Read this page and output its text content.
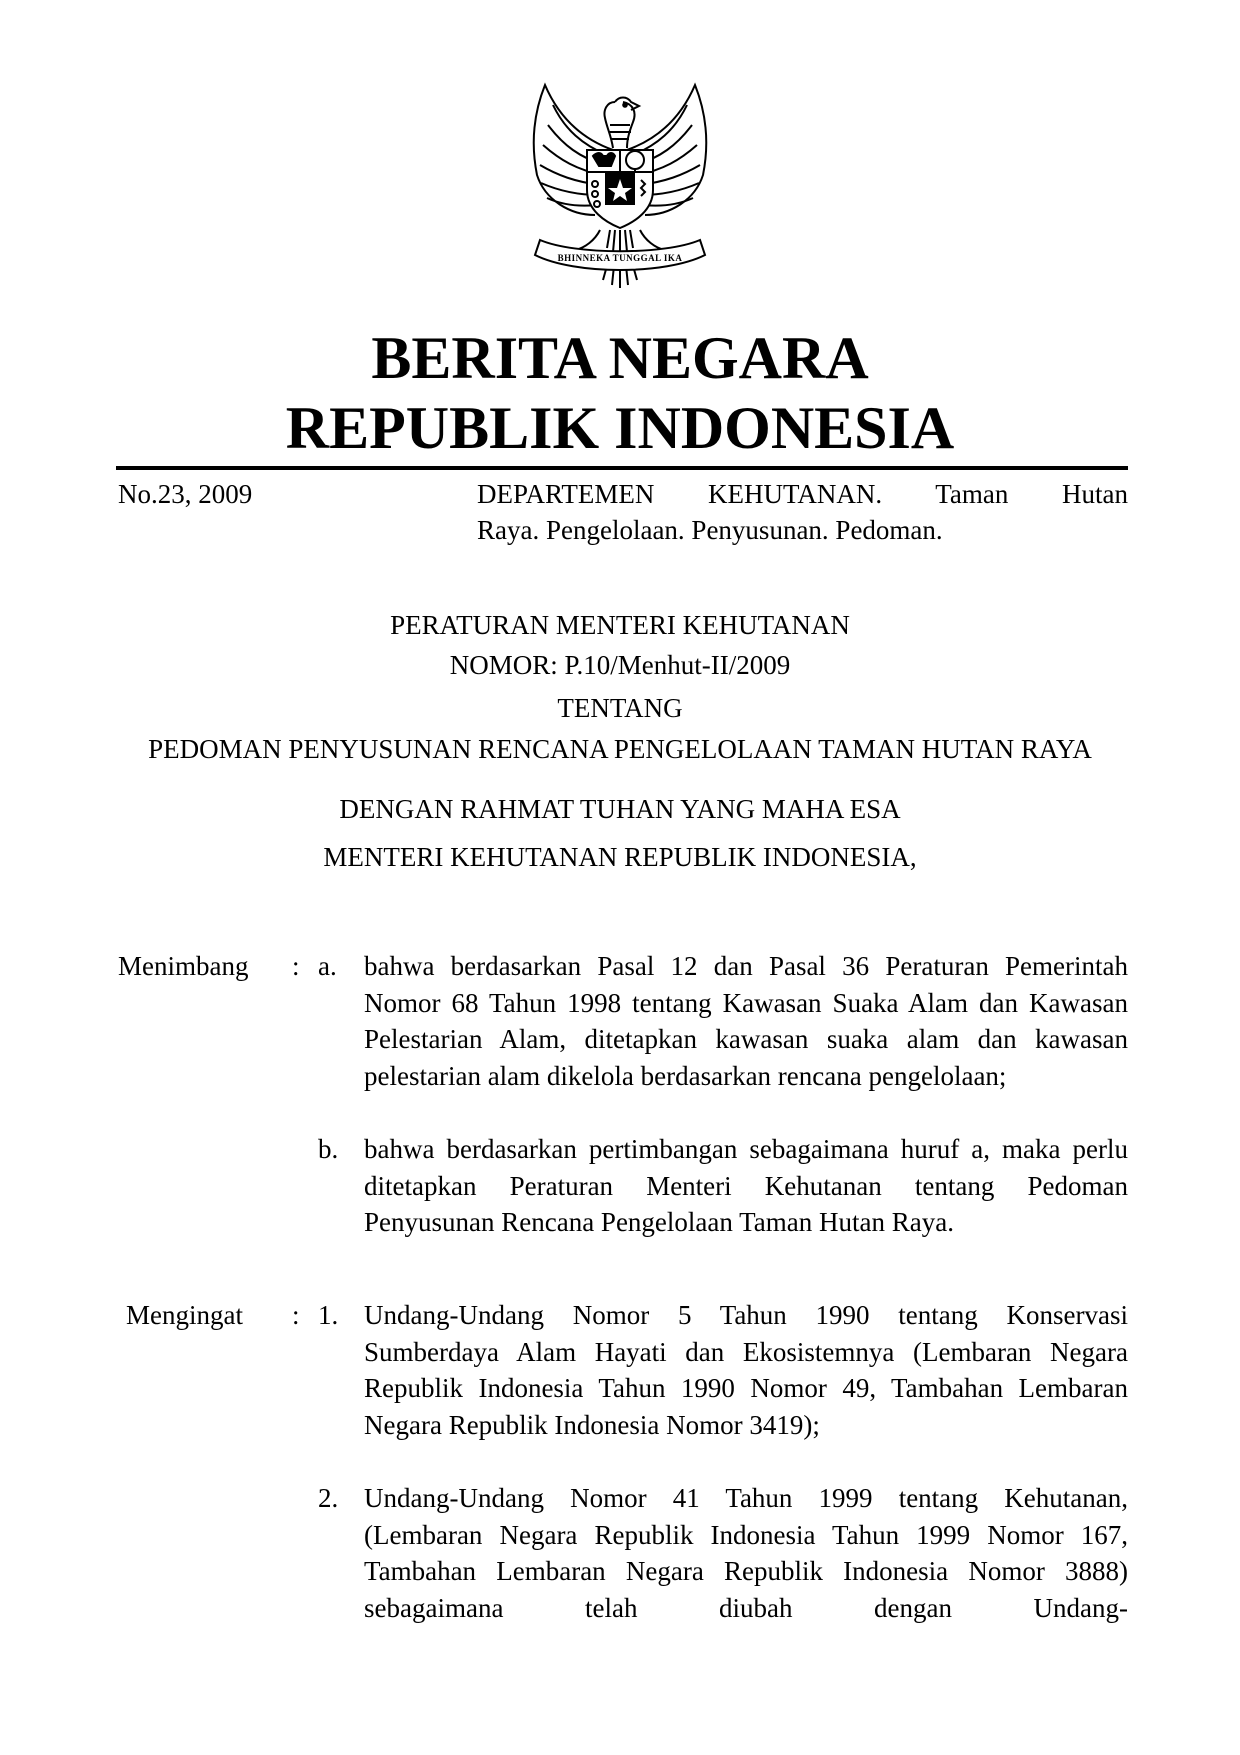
BHINNEKA TUNGGAL IKA
BERITA NEGARA
REPUBLIK INDONESIA
No.23, 2009	DEPARTEMEN KEHUTANAN. Taman Hutan
Raya. Pengelolaan. Penyusunan. Pedoman.
PERATURAN MENTERI KEHUTANAN
NOMOR: P.10/Menhut-II/2009
TENTANG
PEDOMAN PENYUSUNAN RENCANA PENGELOLAAN TAMAN HUTAN RAYA
DENGAN RAHMAT TUHAN YANG MAHA ESA
MENTERI KEHUTANAN REPUBLIK INDONESIA,
Menimbang : a. bahwa berdasarkan Pasal 12 dan Pasal 36 Peraturan Pemerintah Nomor 68 Tahun 1998 tentang Kawasan Suaka Alam dan Kawasan Pelestarian Alam, ditetapkan kawasan suaka alam dan kawasan pelestarian alam dikelola berdasarkan rencana pengelolaan;
b. bahwa berdasarkan pertimbangan sebagaimana huruf a, maka perlu ditetapkan Peraturan Menteri Kehutanan tentang Pedoman Penyusunan Rencana Pengelolaan Taman Hutan Raya.
Mengingat : 1. Undang-Undang Nomor 5 Tahun 1990 tentang Konservasi Sumberdaya Alam Hayati dan Ekosistemnya (Lembaran Negara Republik Indonesia Tahun 1990 Nomor 49, Tambahan Lembaran Negara Republik Indonesia Nomor 3419);
2. Undang-Undang Nomor 41 Tahun 1999 tentang Kehutanan, (Lembaran Negara Republik Indonesia Tahun 1999 Nomor 167, Tambahan Lembaran Negara Republik Indonesia Nomor 3888) sebagaimana telah diubah dengan Undang-
